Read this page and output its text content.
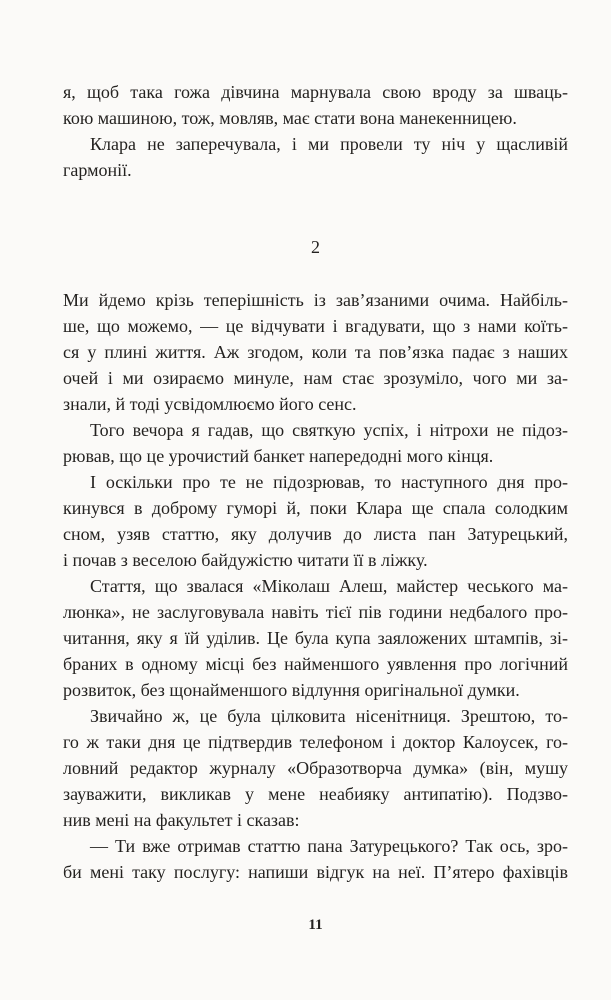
я, щоб така гожа дівчина марнувала свою вроду за шваць-
кою машиною, тож, мовляв, має стати вона манекенницею.
Клара не заперечувала, і ми провели ту ніч у щасливій
гармонії.
2
Ми йдемо крізь теперішність із зав’язаними очима. Найбіль-
ше, що можемо, — це відчувати і вгадувати, що з нами коїть-
ся у плині життя. Аж згодом, коли та пов’язка падає з наших
очей і ми озираємо минуле, нам стає зрозуміло, чого ми за-
знали, й тоді усвідомлюємо його сенс.
Того вечора я гадав, що святкую успіх, і нітрохи не підоз-
рював, що це урочистий банкет напередодні мого кінця.
І оскільки про те не підозрював, то наступного дня про-
кинувся в доброму гуморі й, поки Клара ще спала солодким
сном, узяв статтю, яку долучив до листа пан Затурецький,
і почав з веселою байдужістю читати її в ліжку.
Стаття, що звалася «Міколаш Алеш, майстер чеського ма-
люнка», не заслуговувала навіть тієї пів години недбалого про-
читання, яку я їй уділив. Це була купа заяложених штампів, зі-
браних в одному місці без найменшого уявлення про логічний
розвиток, без щонайменшого відлуння оригінальної думки.
Звичайно ж, це була цілковита нісенітниця. Зрештою, то-
го ж таки дня це підтвердив телефоном і доктор Калоусек, го-
ловний редактор журналу «Образотворча думка» (він, мушу
зауважити, викликав у мене неабияку антипатію). Подзво-
нив мені на факультет і сказав:
— Ти вже отримав статтю пана Затурецького? Так ось, зро-
би мені таку послугу: напиши відгук на неї. П’ятеро фахівців
11
